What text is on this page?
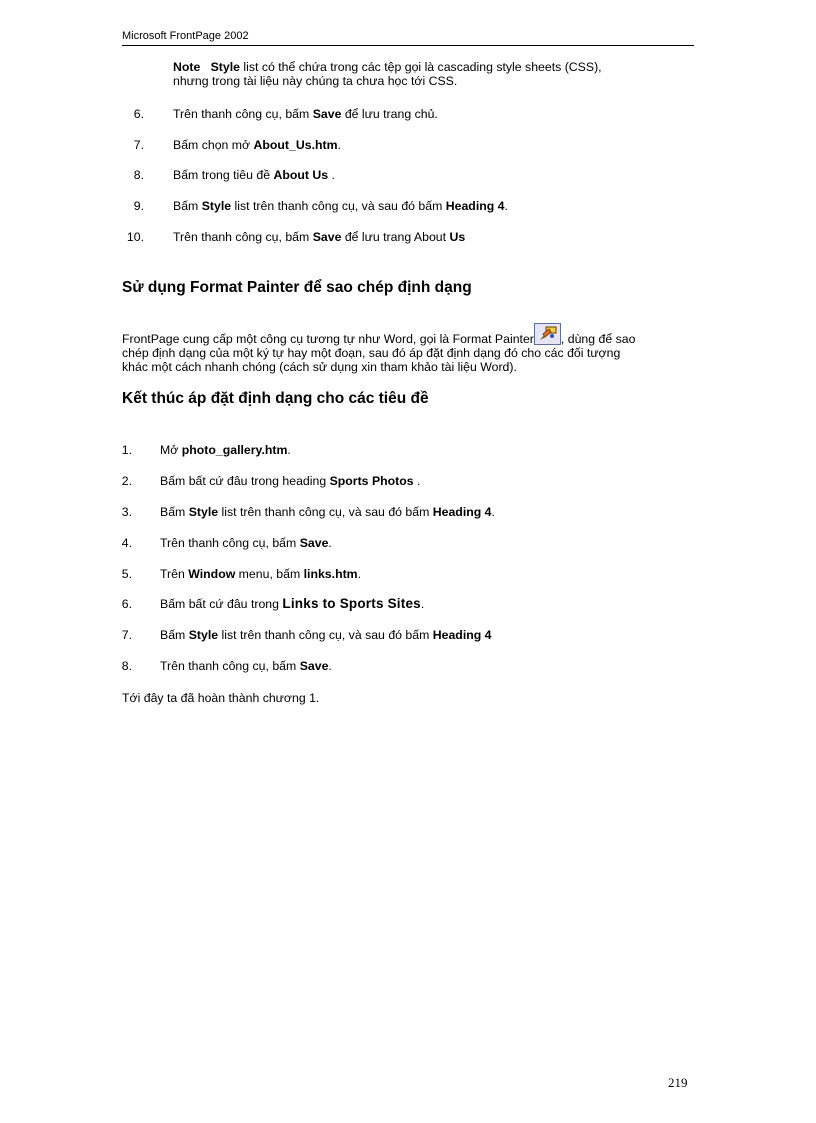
Microsoft FrontPage 2002
Note Style list có thể chứa trong các tệp gọi là cascading style sheets (CSS),
nhưng trong tài liệu này chúng ta chưa học tới CSS.
6. Trên thanh công cụ, bấm Save để lưu trang chủ.
7. Bấm chọn mở About_Us.htm.
8. Bấm trong tiêu đề About Us .
9. Bấm Style list trên thanh công cụ, và sau đó bấm Heading 4.
10. Trên thanh công cụ, bấm Save để lưu trang About Us
Sử dụng Format Painter để sao chép định dạng
FrontPage cung cấp một công cụ tương tự như Word, gọi là Format Painter , dùng để sao
chép định dạng của một ký tự hay một đoạn, sau đó áp đặt định dạng đó cho các đối tượng
khác một cách nhanh chóng (cách sử dụng xin tham khảo tài liệu Word).
Kết thúc áp đặt định dạng cho các tiêu đề
1. Mở photo_gallery.htm.
2. Bấm bất cứ đâu trong heading Sports Photos .
3. Bấm Style list trên thanh công cụ, và sau đó bấm Heading 4.
4. Trên thanh công cụ, bấm Save.
5. Trên Window menu, bấm links.htm.
6. Bấm bất cứ đâu trong Links to Sports Sites.
7. Bấm Style list trên thanh công cụ, và sau đó bấm Heading 4
8. Trên thanh công cụ, bấm Save.
Tới đây ta đã hoàn thành chương 1.
219
